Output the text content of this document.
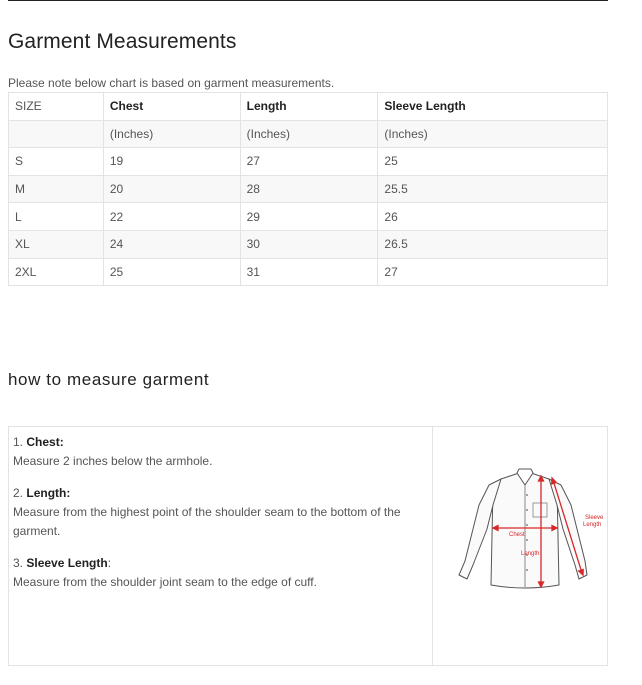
Garment Measurements

Please note below chart is based on garment measurements.

SIZE	Chest	Length	Sleeve Length
	(Inches)	(Inches)	(Inches)
S	19	27	25
M	20	28	25.5
L	22	29	26
XL	24	30	26.5
2XL	25	31	27
how to measure garment
1. Chest:
Measure 2 inches below the armhole.
2. Length:
Measure from the highest point of the shoulder seam to the bottom of the garment.
3. Sleeve Length:
Measure from the shoulder joint seam to the edge of cuff.
Chest
Length
Sleeve
Length
